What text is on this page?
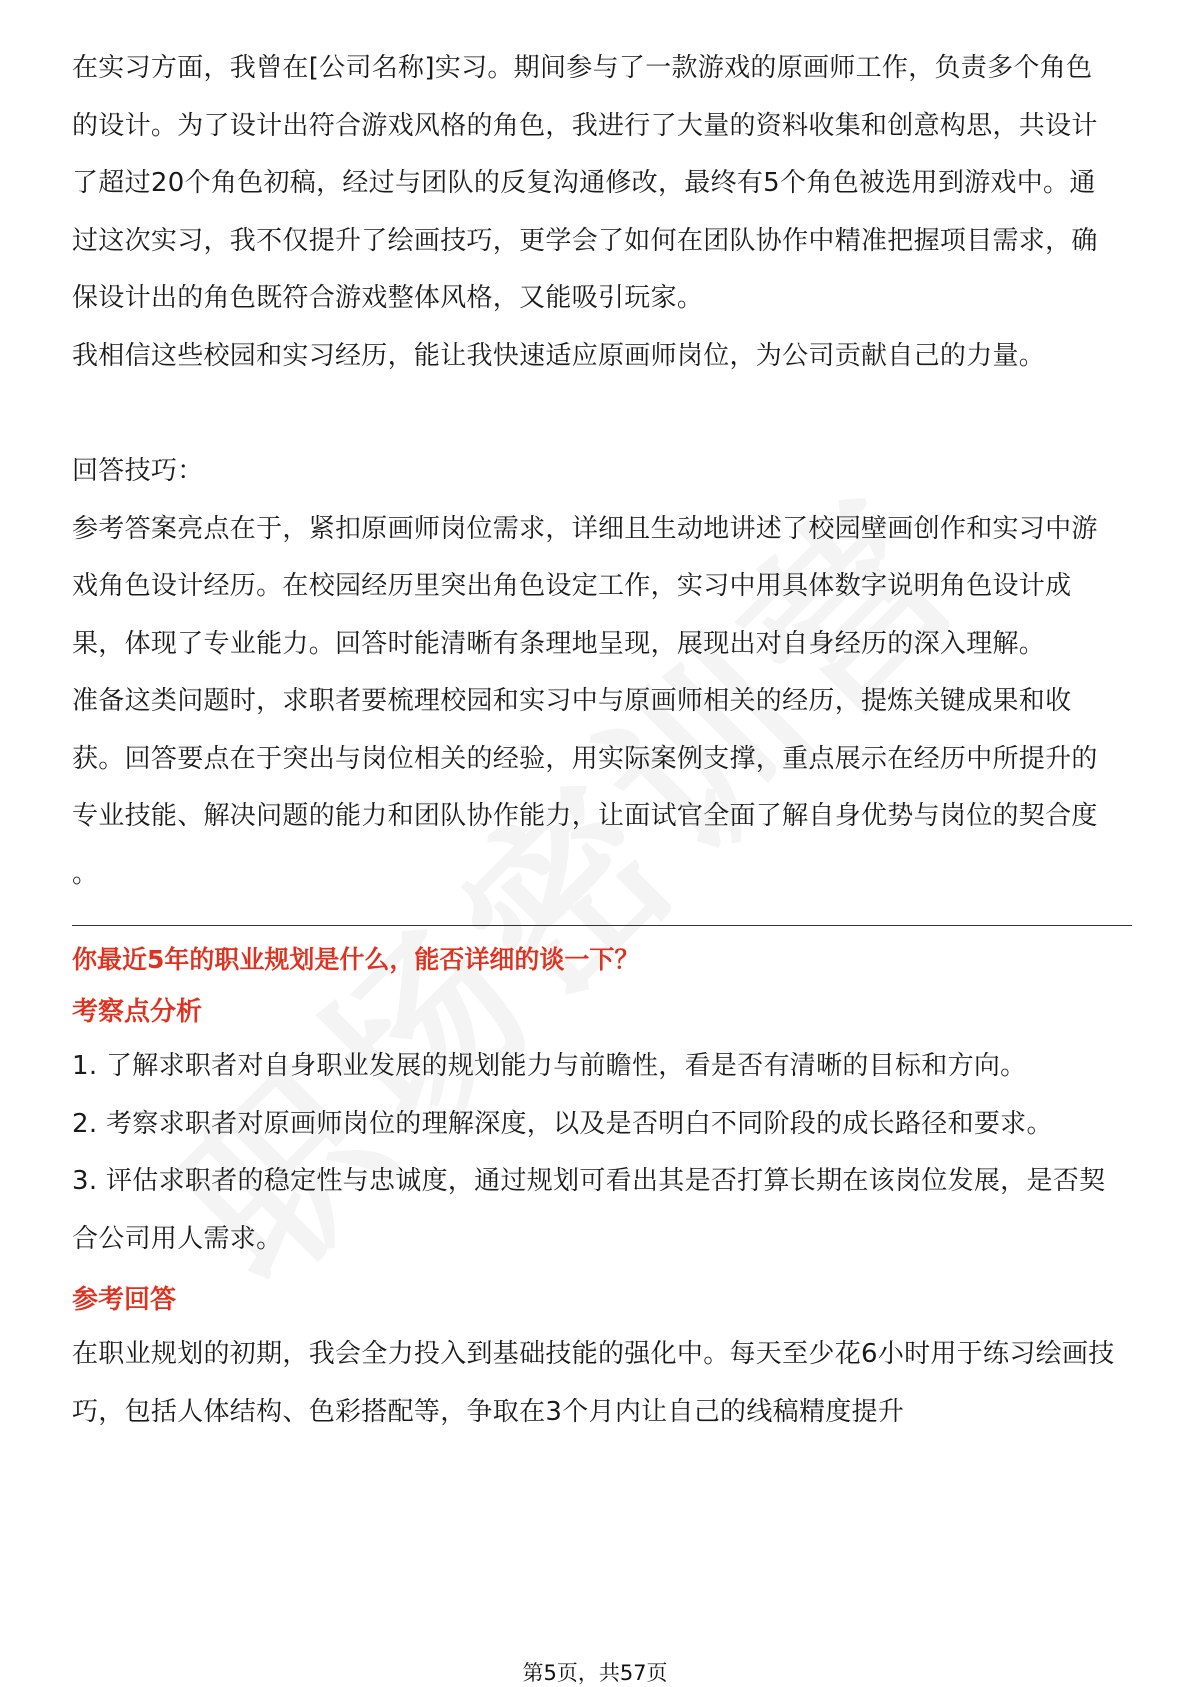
在实习方面，我曾在[公司名称]实习。期间参与了一款游戏的原画师工作，负责多个角色的设计。为了设计出符合游戏风格的角色，我进行了大量的资料收集和创意构思，共设计了超过20个角色初稿，经过与团队的反复沟通修改，最终有5个角色被选用到游戏中。通过这次实习，我不仅提升了绘画技巧，更学会了如何在团队协作中精准把握项目需求，确保设计出的角色既符合游戏整体风格，又能吸引玩家。

我相信这些校园和实习经历，能让我快速适应原画师岗位，为公司贡献自己的力量。

回答技巧：

参考答案亮点在于，紧扣原画师岗位需求，详细且生动地讲述了校园壁画创作和实习中游戏角色设计经历。在校园经历里突出角色设定工作，实习中用具体数字说明角色设计成果，体现了专业能力。回答时能清晰有条理地呈现，展现出对自身经历的深入理解。

准备这类问题时，求职者要梳理校园和实习中与原画师相关的经历，提炼关键成果和收获。回答要点在于突出与岗位相关的经验，用实际案例支撑，重点展示在经历中所提升的专业技能、解决问题的能力和团队协作能力，让面试官全面了解自身优势与岗位的契合度 。

你最近5年的职业规划是什么，能否详细的谈一下？

考察点分析

1. 了解求职者对自身职业发展的规划能力与前瞻性，看是否有清晰的目标和方向。

2. 考察求职者对原画师岗位的理解深度，以及是否明白不同阶段的成长路径和要求。

3. 评估求职者的稳定性与忠诚度，通过规划可看出其是否打算长期在该岗位发展，是否契合公司用人需求。

参考回答

在职业规划的初期，我会全力投入到基础技能的强化中。每天至少花6小时用于练习绘画技巧，包括人体结构、色彩搭配等，争取在3个月内让自己的线稿精度提升

第5页，共57页
